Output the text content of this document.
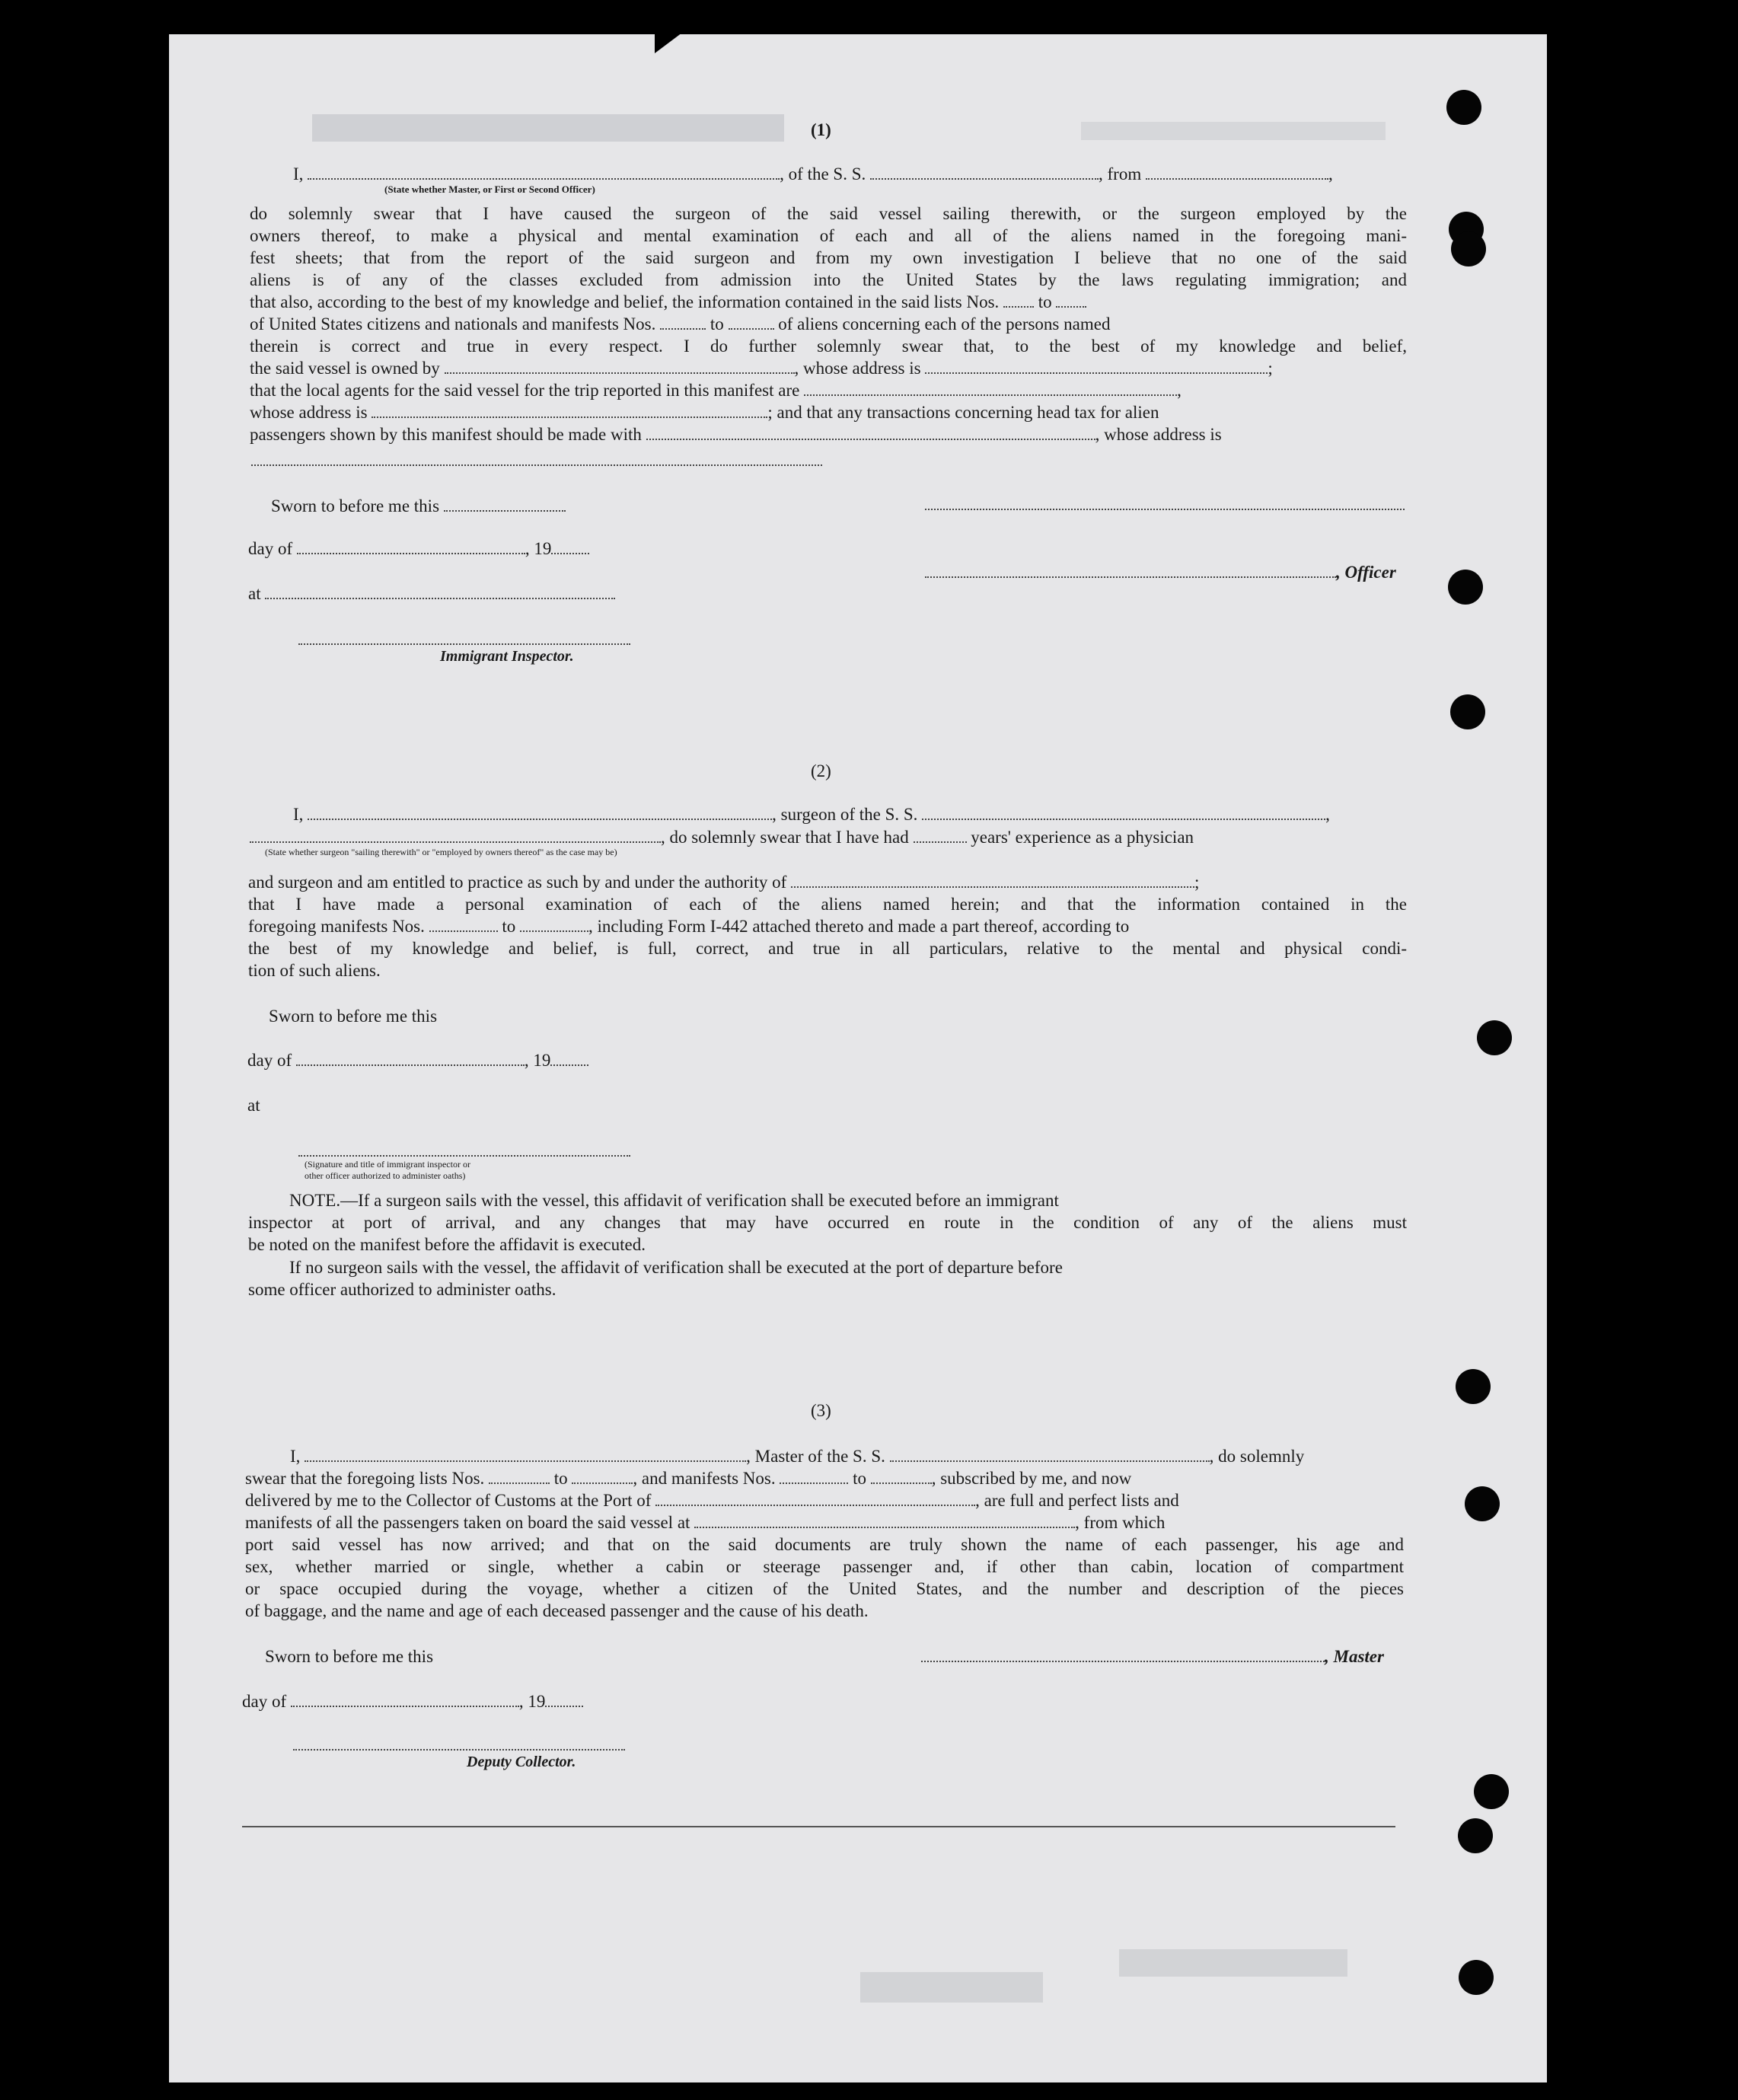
(1)
I,	, of the S. S.	, from	,
(State whether Master, or First or Second Officer)
do solemnly swear that I have caused the surgeon of the said vessel sailing therewith, or the surgeon employed by the
owners thereof, to make a physical and mental examination of each and all of the aliens named in the foregoing mani-
fest sheets; that from the report of the said surgeon and from my own investigation I believe that no one of the said
aliens is of any of the classes excluded from admission into the United States by the laws regulating immigration; and
that also, according to the best of my knowledge and belief, the information contained in the said lists Nos. to
of United States citizens and nationals and manifests Nos.	to	of aliens concerning each of the persons named
therein is correct and true in every respect. I do further solemnly swear that, to the best of my knowledge and belief,
the said vessel is owned by	, whose address is	;
that the local agents for the said vessel for the trip reported in this manifest are	,
whose address is	; and that any transactions concerning head tax for alien
passengers shown by this manifest should be made with	, whose address is
Sworn to before me this
day of	, 19
, Officer
at
Immigrant Inspector.
(2)
I,	, surgeon of the S. S.	,
, do solemnly swear that I have had	years' experience as a physician
(State whether surgeon "sailing therewith" or "employed by owners thereof" as the case may be)
and surgeon and am entitled to practice as such by and under the authority of	;
that I have made a personal examination of each of the aliens named herein; and that the information contained in the
foregoing manifests Nos.	to	, including Form I-442 attached thereto and made a part thereof, according to
the best of my knowledge and belief, is full, correct, and true in all particulars, relative to the mental and physical condi-
tion of such aliens.
Sworn to before me this
day of	, 19
at
(Signature and title of immigrant inspector or
other officer authorized to administer oaths)
NOTE.—If a surgeon sails with the vessel, this affidavit of verification shall be executed before an immigrant
inspector at port of arrival, and any changes that may have occurred en route in the condition of any of the aliens must
be noted on the manifest before the affidavit is executed.
If no surgeon sails with the vessel, the affidavit of verification shall be executed at the port of departure before
some officer authorized to administer oaths.
(3)
I,	, Master of the S. S.	, do solemnly
swear that the foregoing lists Nos.	to	, and manifests Nos.	to	, subscribed by me, and now
delivered by me to the Collector of Customs at the Port of	, are full and perfect lists and
manifests of all the passengers taken on board the said vessel at	, from which
port said vessel has now arrived; and that on the said documents are truly shown the name of each passenger, his age and
sex, whether married or single, whether a cabin or steerage passenger and, if other than cabin, location of compartment
or space occupied during the voyage, whether a citizen of the United States, and the number and description of the pieces
of baggage, and the name and age of each deceased passenger and the cause of his death.
Sworn to before me this	, Master
day of	, 19
Deputy Collector.
